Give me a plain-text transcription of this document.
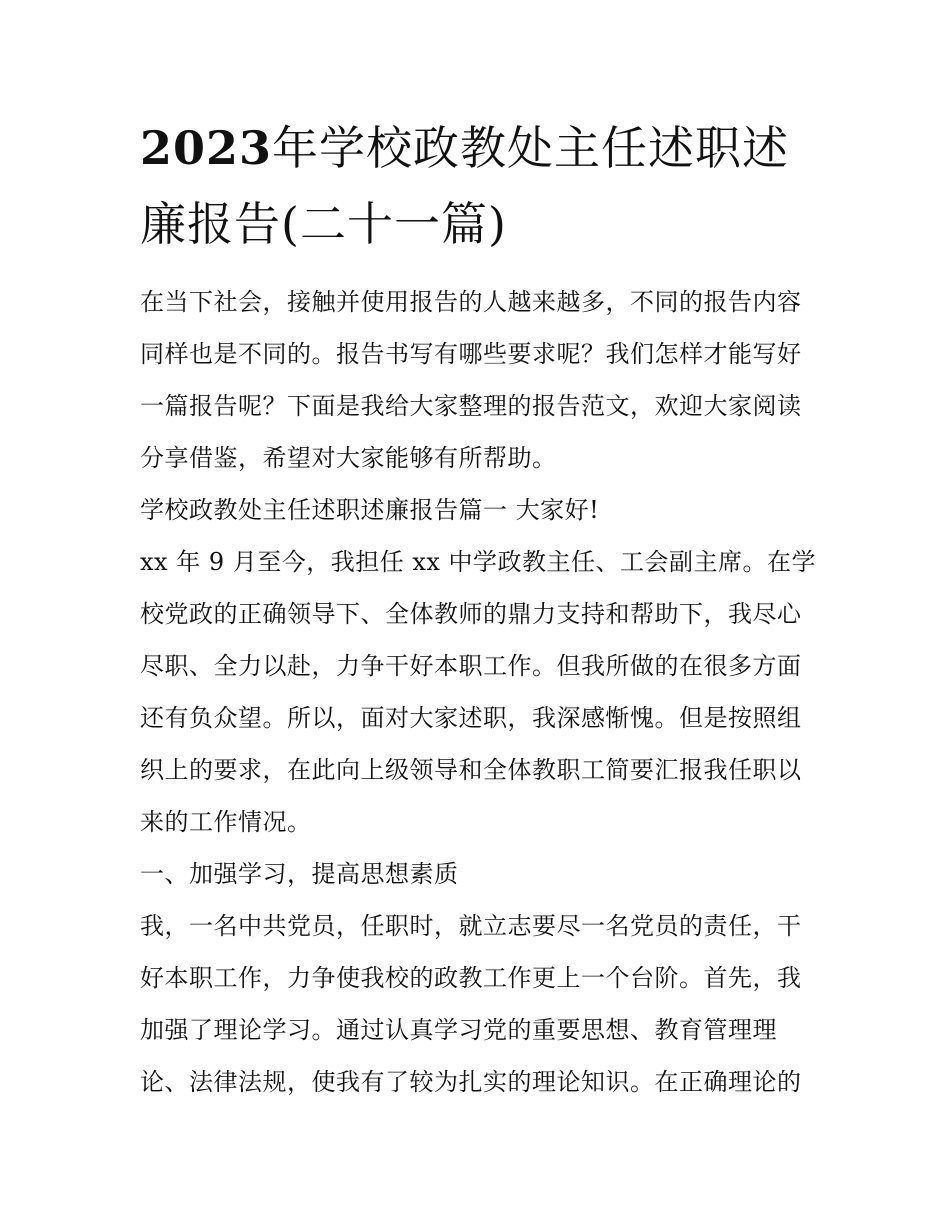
2023年学校政教处主任述职述
廉报告(二十一篇)

在当下社会，接触并使用报告的人越来越多，不同的报告内容
同样也是不同的。报告书写有哪些要求呢？我们怎样才能写好
一篇报告呢？下面是我给大家整理的报告范文，欢迎大家阅读
分享借鉴，希望对大家能够有所帮助。

学校政教处主任述职述廉报告篇一 大家好!

xx 年 9 月至今，我担任 xx 中学政教主任、工会副主席。在学
校党政的正确领导下、全体教师的鼎力支持和帮助下，我尽心
尽职、全力以赴，力争干好本职工作。但我所做的在很多方面
还有负众望。所以，面对大家述职，我深感惭愧。但是按照组
织上的要求，在此向上级领导和全体教职工简要汇报我任职以
来的工作情况。

一、加强学习，提高思想素质

我，一名中共党员，任职时，就立志要尽一名党员的责任，干
好本职工作，力争使我校的政教工作更上一个台阶。首先，我
加强了理论学习。通过认真学习党的重要思想、教育管理理
论、法律法规，使我有了较为扎实的理论知识。在正确理论的
